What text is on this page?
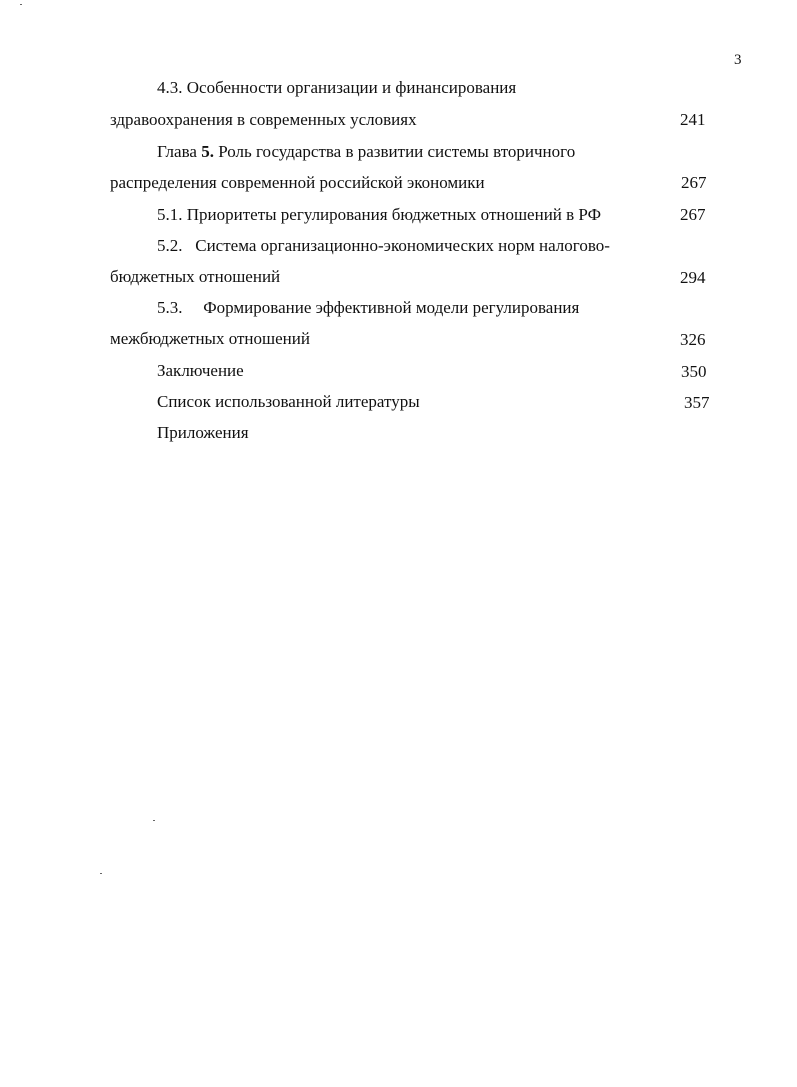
3
4.3. Особенности организации и финансирования
здравоохранения в современных условиях	241
Глава 5. Роль государства в развитии системы вторичного
распределения современной российской экономики	267
5.1. Приоритеты регулирования бюджетных отношений в РФ	267
5.2. Система организационно-экономических норм налогово-
бюджетных отношений	294
5.3. Формирование эффективной модели регулирования
межбюджетных отношений	326
Заключение	350
Список использованной литературы	357
Приложения
